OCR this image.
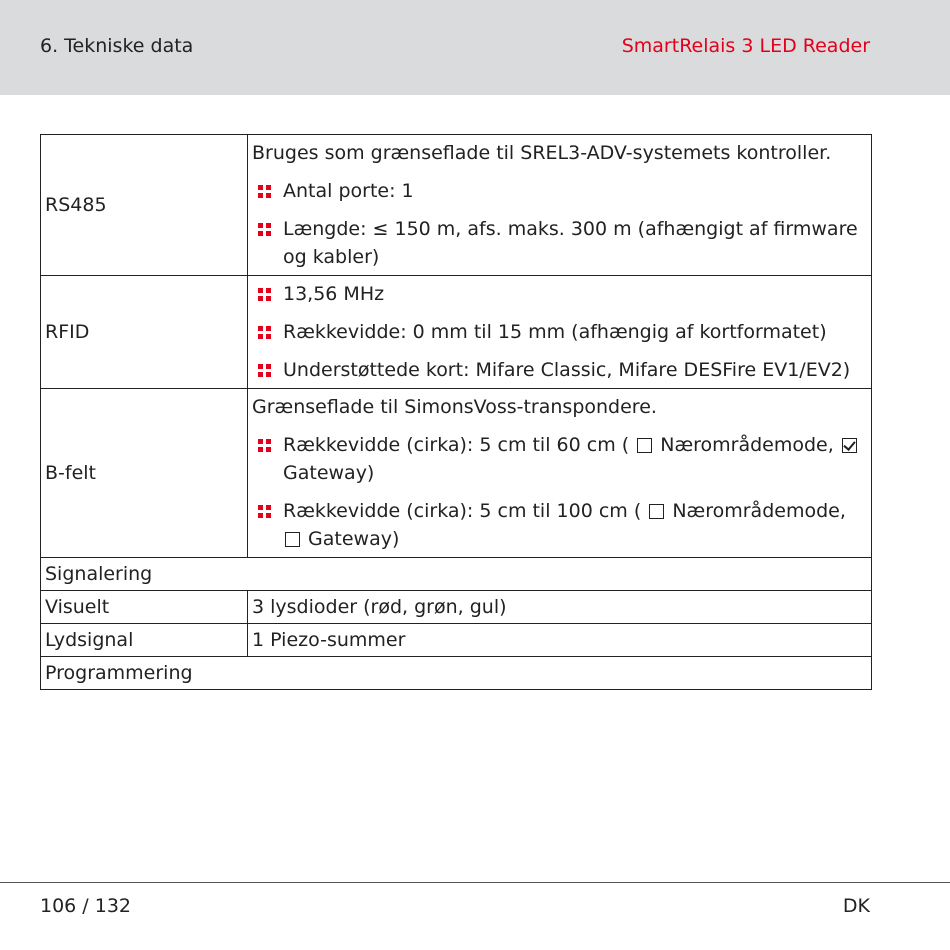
6. Tekniske data	SmartRelais 3 LED Reader
RS485	Bruges som grænseflade til SREL3-ADV-systemets kontroller.
Antal porte: 1
Længde: ≤ 150 m, afs. maks. 300 m (afhængigt af firmware og kabler)

RFID	13,56 MHz
Rækkevidde: 0 mm til 15 mm (afhængig af kortformatet)
Understøttede kort: Mifare Classic, Mifare DESFire EV1/EV2)

B-felt	Grænseflade til SimonsVoss-transpondere.
Rækkevidde (cirka): 5 cm til 60 cm ( Nærområdemode,  Gateway)
Rækkevidde (cirka): 5 cm til 100 cm ( Nærområdemode,  Gateway)

Signalering	
Visuelt	3 lysdioder (rød, grøn, gul)
Lydsignal	1 Piezo-summer
Programmering	
106 / 132	DK
